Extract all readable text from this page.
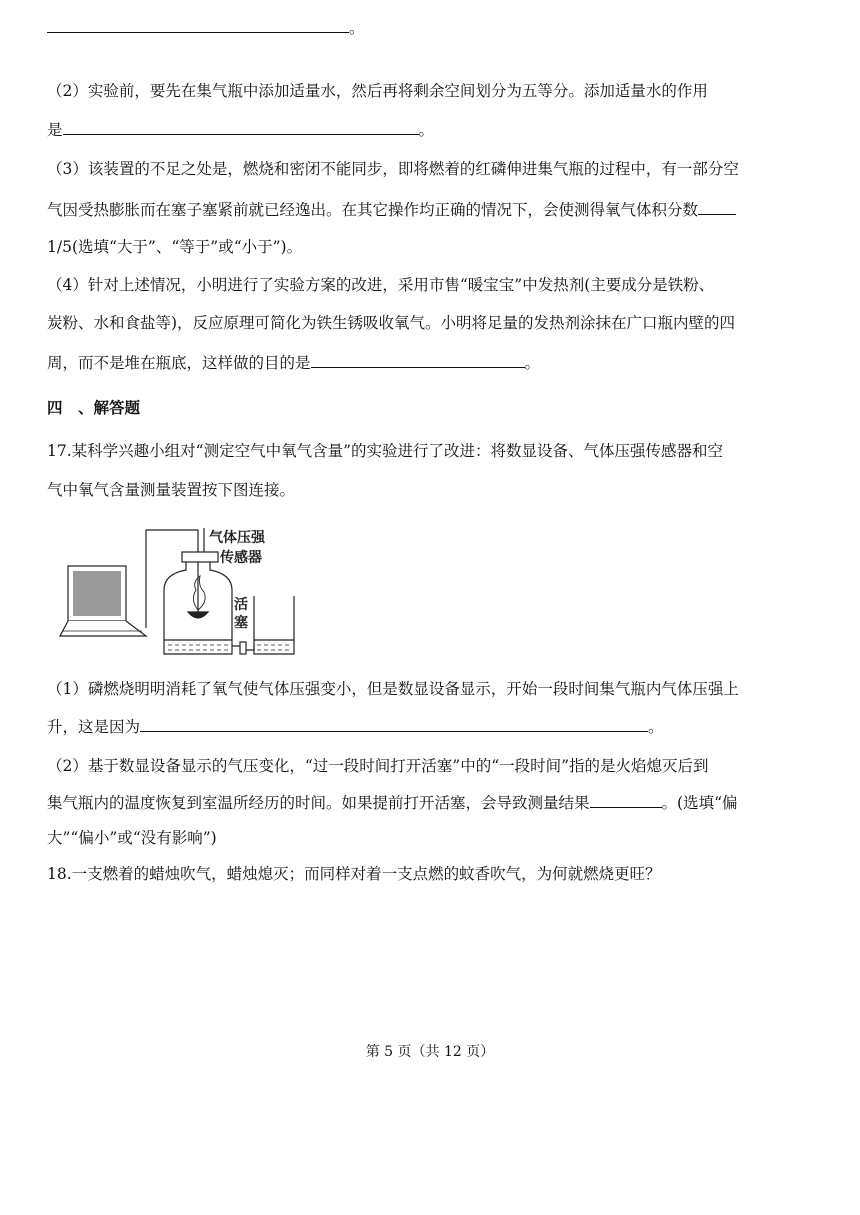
。
（2）实验前，要先在集气瓶中添加适量水，然后再将剩余空间划分为五等分。添加适量水的作用
是	。
（3）该装置的不足之处是，燃烧和密闭不能同步，即将燃着的红磷伸进集气瓶的过程中，有一部分空
气因受热膨胀而在塞子塞紧前就已经逸出。在其它操作均正确的情况下，会使测得氧气体积分数
1/5(选填“大于”、“等于”或“小于”)。
（4）针对上述情况，小明进行了实验方案的改进，采用市售“暖宝宝”中发热剂(主要成分是铁粉、
炭粉、水和食盐等)，反应原理可简化为铁生锈吸收氧气。小明将足量的发热剂涂抹在广口瓶内壁的四
周，而不是堆在瓶底，这样做的目的是	。
四　、解答题
17.某科学兴趣小组对“测定空气中氧气含量”的实验进行了改进：将数显设备、气体压强传感器和空
气中氧气含量测量装置按下图连接。
气体压强
传感器
活
塞
（1）磷燃烧明明消耗了氧气使气体压强变小，但是数显设备显示，开始一段时间集气瓶内气体压强上
升，这是因为	。
（2）基于数显设备显示的气压变化，“过一段时间打开活塞”中的“一段时间”指的是火焰熄灭后到
集气瓶内的温度恢复到室温所经历的时间。如果提前打开活塞，会导致测量结果	。(选填“偏
大”“偏小”或“没有影响”)
18.一支燃着的蜡烛吹气，蜡烛熄灭；而同样对着一支点燃的蚊香吹气，为何就燃烧更旺？
第 5 页（共 12 页）
